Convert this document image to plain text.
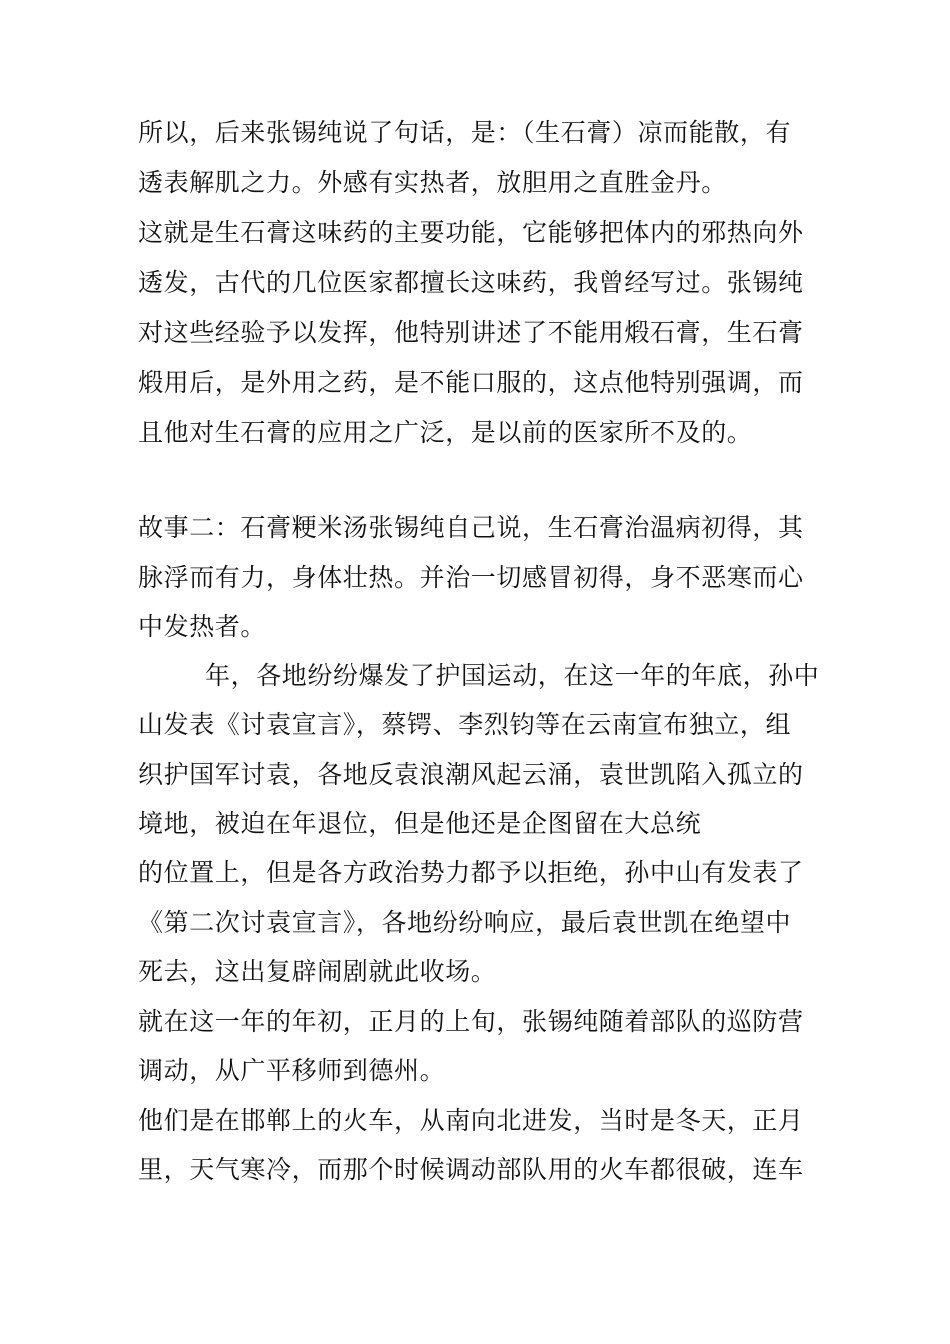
所以，后来张锡纯说了句话，是：（生石膏）凉而能散，有
透表解肌之力。外感有实热者，放胆用之直胜金丹。
这就是生石膏这味药的主要功能，它能够把体内的邪热向外
透发，古代的几位医家都擅长这味药，我曾经写过。张锡纯
对这些经验予以发挥，他特别讲述了不能用煅石膏，生石膏
煅用后，是外用之药，是不能口服的，这点他特别强调，而
且他对生石膏的应用之广泛，是以前的医家所不及的。
故事二：石膏粳米汤张锡纯自己说，生石膏治温病初得，其
脉浮而有力，身体壮热。并治一切感冒初得，身不恶寒而心
中发热者。
年，各地纷纷爆发了护国运动，在这一年的年底，孙中
山发表《讨袁宣言》，蔡锷、李烈钧等在云南宣布独立，组
织护国军讨袁，各地反袁浪潮风起云涌，袁世凯陷入孤立的
境地，被迫在年退位，但是他还是企图留在大总统
的位置上，但是各方政治势力都予以拒绝，孙中山有发表了
《第二次讨袁宣言》，各地纷纷响应，最后袁世凯在绝望中
死去，这出复辟闹剧就此收场。
就在这一年的年初，正月的上旬，张锡纯随着部队的巡防营
调动，从广平移师到德州。
他们是在邯郸上的火车，从南向北进发，当时是冬天，正月
里，天气寒冷，而那个时候调动部队用的火车都很破，连车
